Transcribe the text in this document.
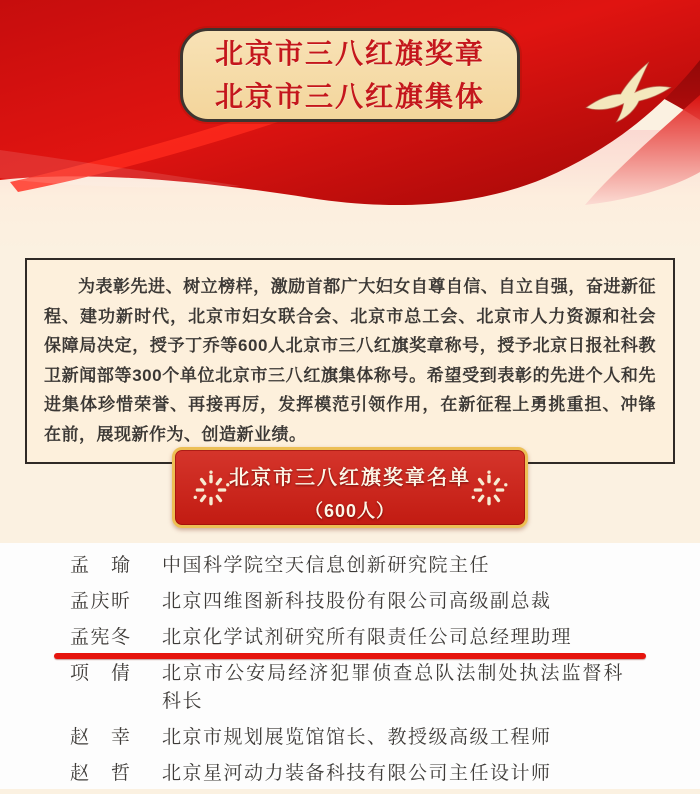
北京市三八红旗奖章
北京市三八红旗集体

为表彰先进、树立榜样，激励首都广大妇女自尊自信、自立自强，奋进新征程、建功新时代，北京市妇女联合会、北京市总工会、北京市人力资源和社会保障局决定，授予丁乔等600人北京市三八红旗奖章称号，授予北京日报社科教卫新闻部等300个单位北京市三八红旗集体称号。希望受到表彰的先进个人和先进集体珍惜荣誉、再接再厉，发挥模范引领作用，在新征程上勇挑重担、冲锋在前，展现新作为、创造新业绩。

北京市三八红旗奖章名单
（600人）
孟　瑜	中国科学院空天信息创新研究院主任
孟庆昕	北京四维图新科技股份有限公司高级副总裁
孟宪冬	北京化学试剂研究所有限责任公司总经理助理
项　倩	北京市公安局经济犯罪侦查总队法制处执法监督科科长
赵　幸	北京市规划展览馆馆长、教授级高级工程师
赵　哲	北京星河动力装备科技有限公司主任设计师
